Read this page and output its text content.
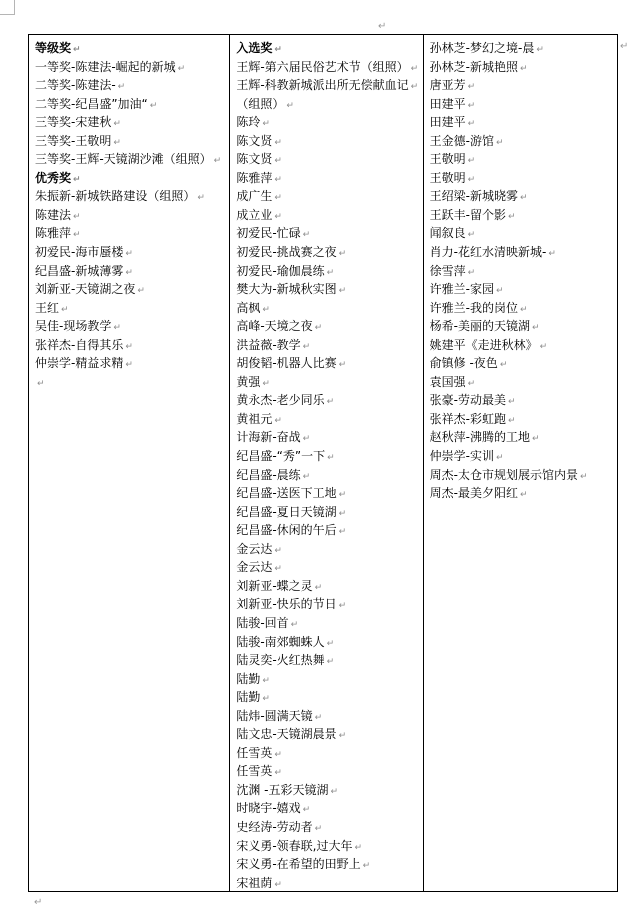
↵
↵
↵
等级奖 ↵
一等奖-陈建法-崛起的新城 ↵
二等奖-陈建法- ↵
二等奖-纪昌盛”加油“ ↵
三等奖-宋建秋 ↵
三等奖-王敬明 ↵
三等奖-王辉-天镜湖沙滩（组照） ↵
优秀奖 ↵
朱振新-新城铁路建设（组照） ↵
陈建法 ↵
陈雅萍 ↵
初爱民-海市蜃楼 ↵
纪昌盛-新城薄雾 ↵
刘新亚-天镜湖之夜 ↵
王红 ↵
吴佳-现场教学 ↵
张祥杰-自得其乐 ↵
仲崇学-精益求精 ↵
↵
入选奖 ↵
王辉-第六届民俗艺术节（组照） ↵
王辉-科教新城派出所无偿献血记 ↵
（组照） ↵
陈玲 ↵
陈文贤 ↵
陈文贤 ↵
陈雅萍 ↵
成广生 ↵
成立业 ↵
初爱民-忙碌 ↵
初爱民-挑战赛之夜 ↵
初爱民-瑜伽晨练 ↵
樊大为-新城秋实图 ↵
高枫 ↵
高峰-天境之夜 ↵
洪益薇-教学 ↵
胡俊韬-机器人比赛 ↵
黄强 ↵
黄永杰-老少同乐 ↵
黄祖元 ↵
计海新-奋战 ↵
纪昌盛-“秀”一下 ↵
纪昌盛-晨练 ↵
纪昌盛-送医下工地 ↵
纪昌盛-夏日天镜湖 ↵
纪昌盛-休闲的午后 ↵
金云达 ↵
金云达 ↵
刘新亚-蝶之灵 ↵
刘新亚-快乐的节日 ↵
陆骏-回首 ↵
陆骏-南郊蜘蛛人 ↵
陆灵奕-火红热舞 ↵
陆勤 ↵
陆勤 ↵
陆炜-圆满天镜 ↵
陆文忠-天镜湖晨景 ↵
任雪英 ↵
任雪英 ↵
沈渊 -五彩天镜湖 ↵
时晓宇-嬉戏 ↵
史经涛-劳动者 ↵
宋义勇-领春联,过大年 ↵
宋义勇-在希望的田野上 ↵
宋祖荫 ↵
孙林芝-梦幻之境-晨 ↵
孙林芝-新城艳照 ↵
唐亚芳 ↵
田建平 ↵
田建平 ↵
王金德-游馆 ↵
王敬明 ↵
王敬明 ↵
王绍梁-新城晓雾 ↵
王跃丰-留个影 ↵
闻叙良 ↵
肖力-花红水清映新城- ↵
徐雪萍 ↵
许雅兰-家园 ↵
许雅兰-我的岗位 ↵
杨希-美丽的天镜湖 ↵
姚建平《走进秋林》 ↵
俞镇修 -夜色 ↵
袁国强 ↵
张豪-劳动最美 ↵
张祥杰-彩虹跑 ↵
赵秋萍-沸腾的工地 ↵
仲崇学-实训 ↵
周杰-太仓市规划展示馆内景 ↵
周杰-最美夕阳红 ↵
